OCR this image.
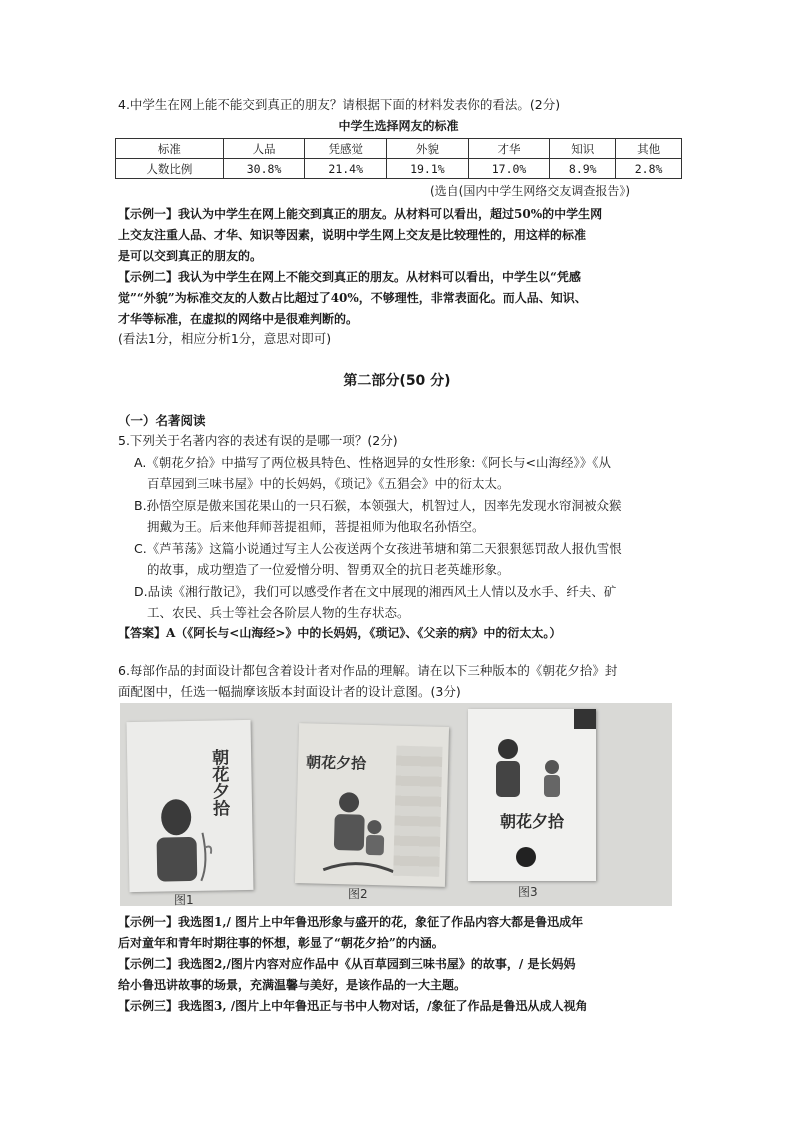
4.中学生在网上能不能交到真正的朋友？请根据下面的材料发表你的看法。(2分)
中学生选择网友的标准
标准	人品	凭感觉	外貌	才华	知识	其他
人数比例	30.8%	21.4%	19.1%	17.0%	8.9%	2.8%
(选自(国内中学生网络交友调查报告》)
【示例一】我认为中学生在网上能交到真正的朋友。从材料可以看出，超过50%的中学生网
上交友注重人品、才华、知识等因素，说明中学生网上交友是比较理性的，用这样的标准
是可以交到真正的朋友的。
【示例二】我认为中学生在网上不能交到真正的朋友。从材料可以看出，中学生以“凭感
觉”“外貌”为标准交友的人数占比超过了40%，不够理性，非常表面化。而人品、知识、
才华等标准，在虚拟的网络中是很难判断的。
(看法1分，相应分析1分，意思对即可)
第二部分(50 分)
（一）名著阅读
5.下列关于名著内容的表述有误的是哪一项？(2分)
A.《朝花夕拾》中描写了两位极具特色、性格迥异的女性形象:《阿长与<山海经》》《从
百草园到三味书屋》中的长妈妈，《琐记》《五猖会》中的衍太太。
B.孙悟空原是傲来国花果山的一只石猴，本领强大，机智过人，因率先发现水帘洞被众猴
拥戴为王。后来他拜师菩提祖师，菩提祖师为他取名孙悟空。
C.《芦苇荡》这篇小说通过写主人公夜送两个女孩进苇塘和第二天狠狠惩罚敌人报仇雪恨
的故事，成功塑造了一位爱憎分明、智勇双全的抗日老英雄形象。
D.品读《湘行散记》，我们可以感受作者在文中展现的湘西风土人情以及水手、纤夫、矿
工、农民、兵士等社会各阶层人物的生存状态。
【答案】A（《阿长与<山海经>》中的长妈妈，《琐记》、《父亲的病》中的衍太太。）
6.每部作品的封面设计都包含着设计者对作品的理解。请在以下三种版本的《朝花夕拾》封
面配图中，任选一幅揣摩该版本封面设计者的设计意图。(3分)
朝花夕拾	朝花夕拾
朝花夕拾
图1	图2	图3
【示例一】我选图1,/ 图片上中年鲁迅形象与盛开的花，象征了作品内容大都是鲁迅成年
后对童年和青年时期往事的怀想，彰显了“朝花夕拾”的内涵。
【示例二】我选图2,/图片内容对应作品中《从百草园到三味书屋》的故事，/ 是长妈妈
给小鲁迅讲故事的场景，充满温馨与美好，是该作品的一大主题。
【示例三】我选图3, /图片上中年鲁迅正与书中人物对话，/象征了作品是鲁迅从成人视角
